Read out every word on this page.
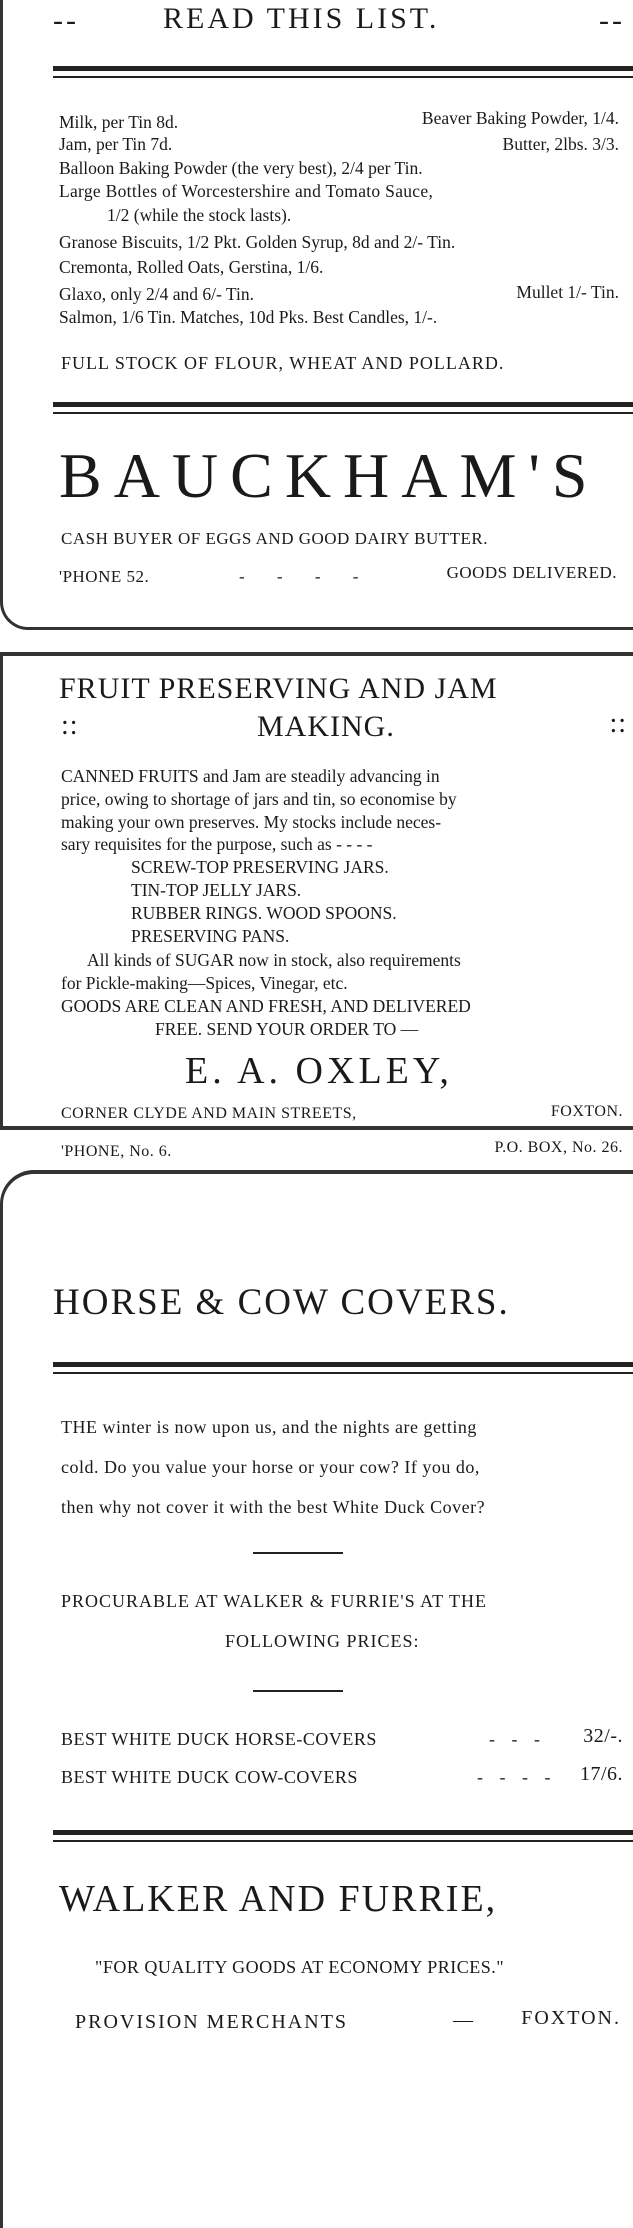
--	READ THIS LIST.	--
Milk, per Tin 8d.	Beaver Baking Powder, 1/4.
Jam, per Tin 7d.	Butter, 2lbs. 3/3.
Balloon Baking Powder (the very best), 2/4 per Tin.
Large Bottles of Worcestershire and Tomato Sauce,
1/2 (while the stock lasts).
Granose Biscuits, 1/2 Pkt. Golden Syrup, 8d and 2/- Tin.
Cremonta, Rolled Oats, Gerstina, 1/6.
Glaxo, only 2/4 and 6/- Tin.	Mullet 1/- Tin.
Salmon, 1/6 Tin. Matches, 10d Pks. Best Candles, 1/-.
FULL STOCK OF FLOUR, WHEAT AND POLLARD.
BAUCKHAM'S
CASH BUYER OF EGGS AND GOOD DAIRY BUTTER.
'PHONE 52.	- - - -	GOODS DELIVERED.
FRUIT PRESERVING AND JAM
::	MAKING.	::
CANNED FRUITS and Jam are steadily advancing in
price, owing to shortage of jars and tin, so economise by
making your own preserves. My stocks include neces-
sary requisites for the purpose, such as - - - -
SCREW-TOP PRESERVING JARS.
TIN-TOP JELLY JARS.
RUBBER RINGS. WOOD SPOONS.
PRESERVING PANS.
All kinds of SUGAR now in stock, also requirements
for Pickle-making—Spices, Vinegar, etc.
GOODS ARE CLEAN AND FRESH, AND DELIVERED
FREE. SEND YOUR ORDER TO —
E. A. OXLEY,
CORNER CLYDE AND MAIN STREETS,	FOXTON.
'PHONE, No. 6.	P.O. BOX, No. 26.
HORSE & COW COVERS.
THE winter is now upon us, and the nights are getting
cold. Do you value your horse or your cow? If you do,
then why not cover it with the best White Duck Cover?
PROCURABLE AT WALKER & FURRIE'S AT THE
FOLLOWING PRICES:
BEST WHITE DUCK HORSE-COVERS	- - - 32/-.
BEST WHITE DUCK COW-COVERS	- - - - 17/6.
WALKER AND FURRIE,
"FOR QUALITY GOODS AT ECONOMY PRICES."
PROVISION MERCHANTS	— FOXTON.
